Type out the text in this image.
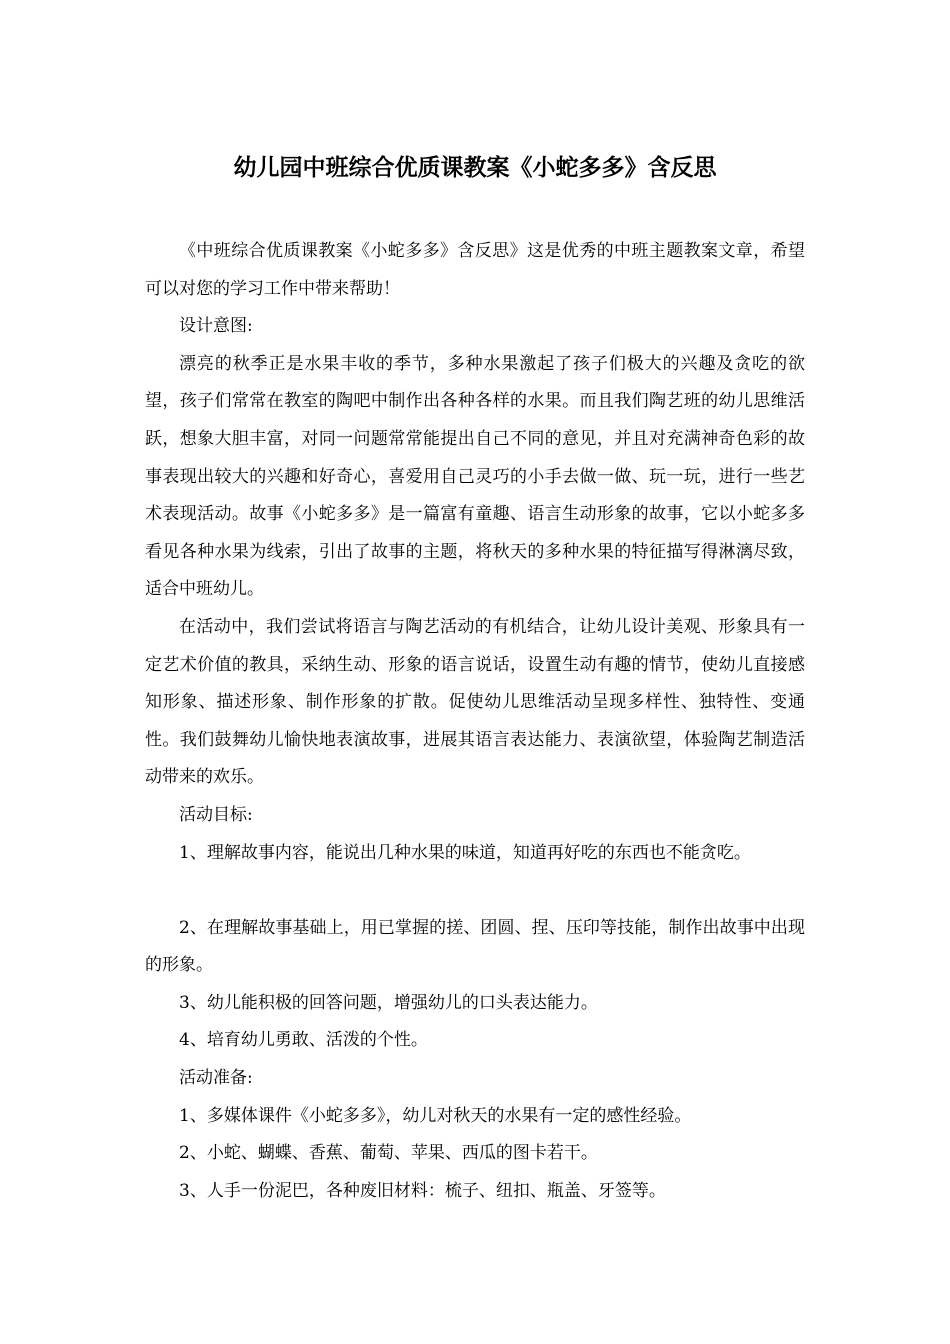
幼儿园中班综合优质课教案《小蛇多多》含反思

《中班综合优质课教案《小蛇多多》含反思》这是优秀的中班主题教案文章，希望可以对您的学习工作中带来帮助！

设计意图:

漂亮的秋季正是水果丰收的季节，多种水果激起了孩子们极大的兴趣及贪吃的欲望，孩子们常常在教室的陶吧中制作出各种各样的水果。而且我们陶艺班的幼儿思维活跃，想象大胆丰富，对同一问题常常能提出自己不同的意见，并且对充满神奇色彩的故事表现出较大的兴趣和好奇心，喜爱用自己灵巧的小手去做一做、玩一玩，进行一些艺术表现活动。故事《小蛇多多》是一篇富有童趣、语言生动形象的故事，它以小蛇多多看见各种水果为线索，引出了故事的主题，将秋天的多种水果的特征描写得淋漓尽致，适合中班幼儿。

在活动中，我们尝试将语言与陶艺活动的有机结合，让幼儿设计美观、形象具有一定艺术价值的教具，采纳生动、形象的语言说话，设置生动有趣的情节，使幼儿直接感知形象、描述形象、制作形象的扩散。促使幼儿思维活动呈现多样性、独特性、变通性。我们鼓舞幼儿愉快地表演故事，进展其语言表达能力、表演欲望，体验陶艺制造活动带来的欢乐。

活动目标:

1、理解故事内容，能说出几种水果的味道，知道再好吃的东西也不能贪吃。

2、在理解故事基础上，用已掌握的搓、团圆、捏、压印等技能，制作出故事中出现的形象。

3、幼儿能积极的回答问题，增强幼儿的口头表达能力。

4、培育幼儿勇敢、活泼的个性。

活动准备:

1、多媒体课件《小蛇多多》，幼儿对秋天的水果有一定的感性经验。

2、小蛇、蝴蝶、香蕉、葡萄、苹果、西瓜的图卡若干。

3、人手一份泥巴，各种废旧材料：梳子、纽扣、瓶盖、牙签等。
